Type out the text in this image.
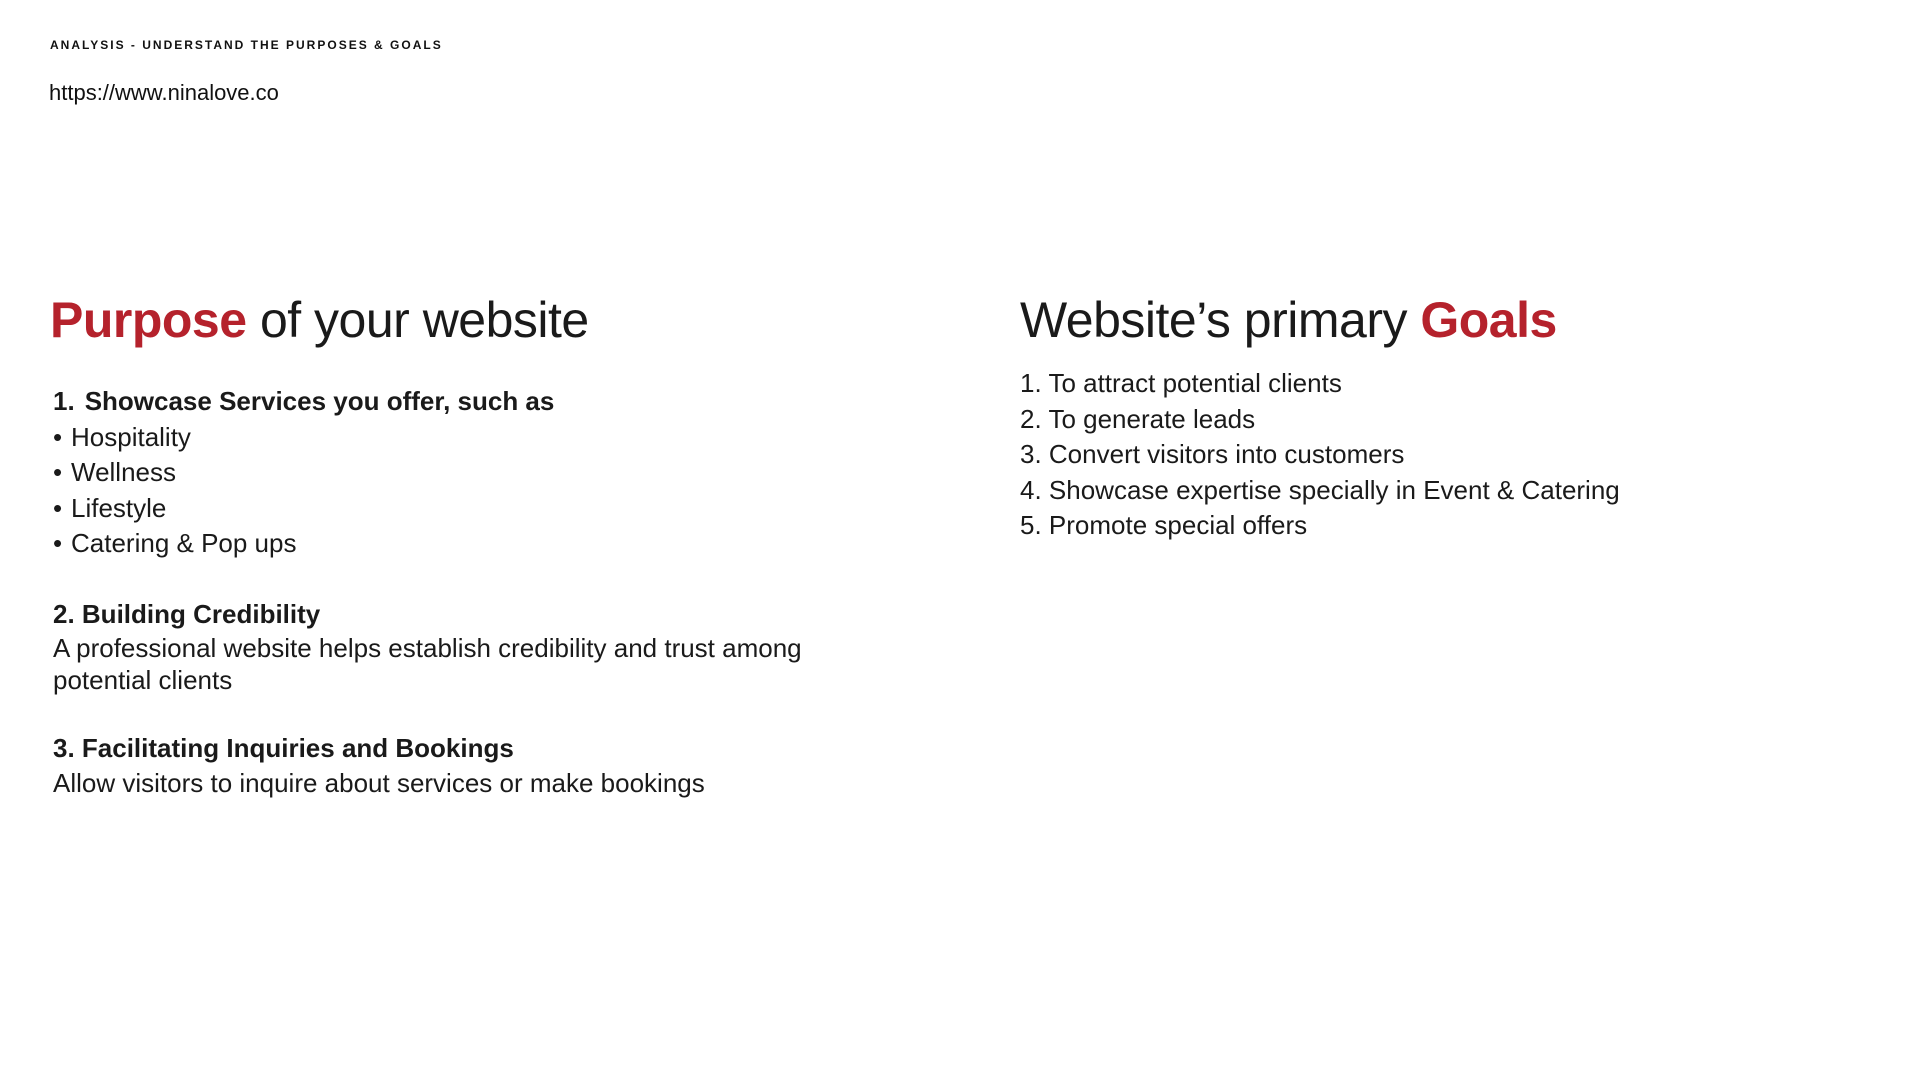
ANALYSIS - UNDERSTAND THE PURPOSES & GOALS

https://www.ninalove.co

Purpose of your website

1. Showcase Services you offer, such as

• Hospitality
• Wellness
• Lifestyle
• Catering & Pop ups

2. Building Credibility

A professional website helps establish credibility and trust among potential clients

3. Facilitating Inquiries and Bookings

Allow visitors to inquire about services or make bookings

Website’s primary Goals
1. To attract potential clients
2. To generate leads
3. Convert visitors into customers
4. Showcase expertise specially in Event & Catering
5. Promote special offers
